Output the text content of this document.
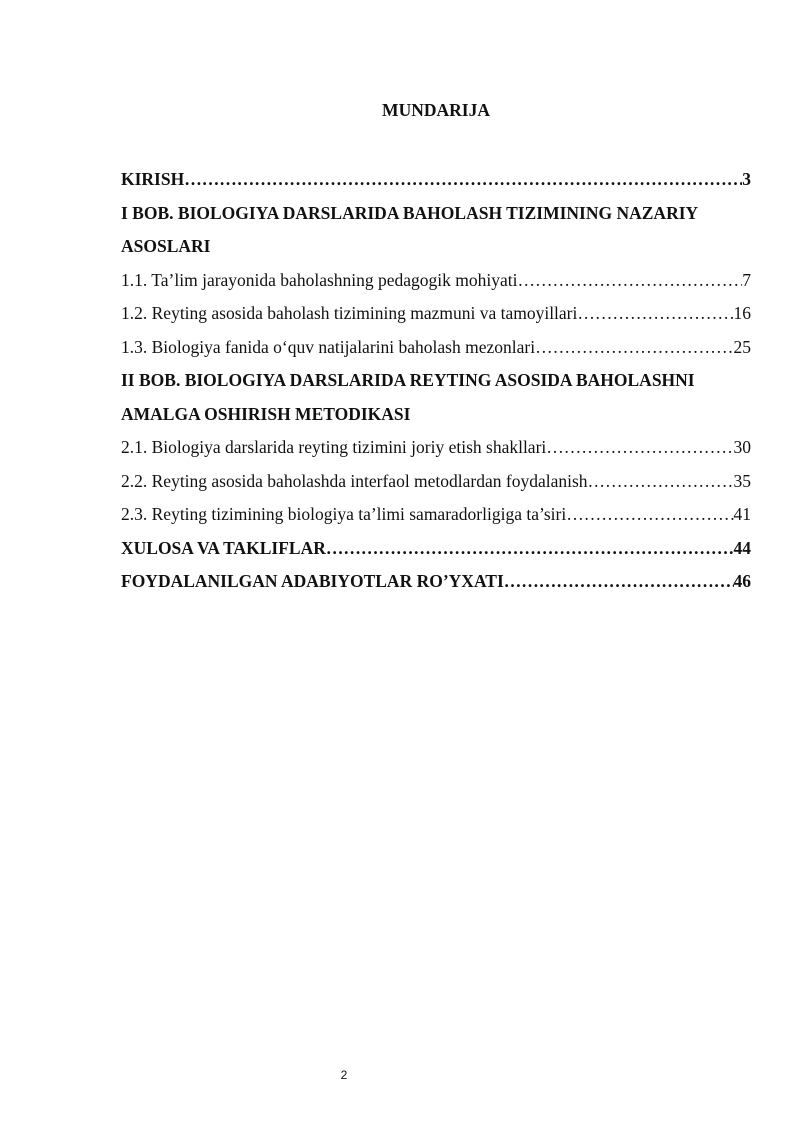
MUNDARIJA
KIRISH …………………………………………………………………………………………………………………………………………………………………………………	3
I BOB. BIOLOGIYA DARSLARIDA BAHOLASH TIZIMINING NAZARIY
ASOSLARI
1.1. Ta’lim jarayonida baholashning pedagogik mohiyati …………………………………………………………………………………………………………………………………………………………………………………	7
1.2. Reyting asosida baholash tizimining mazmuni va tamoyillari …………………………………………………………………………………………………………………………………………………………………………………	16
1.3. Biologiya fanida o‘quv natijalarini baholash mezonlari …………………………………………………………………………………………………………………………………………………………………………………	25
II BOB. BIOLOGIYA DARSLARIDA REYTING ASOSIDA BAHOLASHNI
AMALGA OSHIRISH METODIKASI
2.1. Biologiya darslarida reyting tizimini joriy etish shakllari …………………………………………………………………………………………………………………………………………………………………………………	30
2.2. Reyting asosida baholashda interfaol metodlardan foydalanish …………………………………………………………………………………………………………………………………………………………………………………	35
2.3. Reyting tizimining biologiya ta’limi samaradorligiga ta’siri …………………………………………………………………………………………………………………………………………………………………………………	41
XULOSA VA TAKLIFLAR …………………………………………………………………………………………………………………………………………………………………………………	44
FOYDALANILGAN ADABIYOTLAR RO’YXATI …………………………………………………………………………………………………………………………………………………………………………………	46
2
